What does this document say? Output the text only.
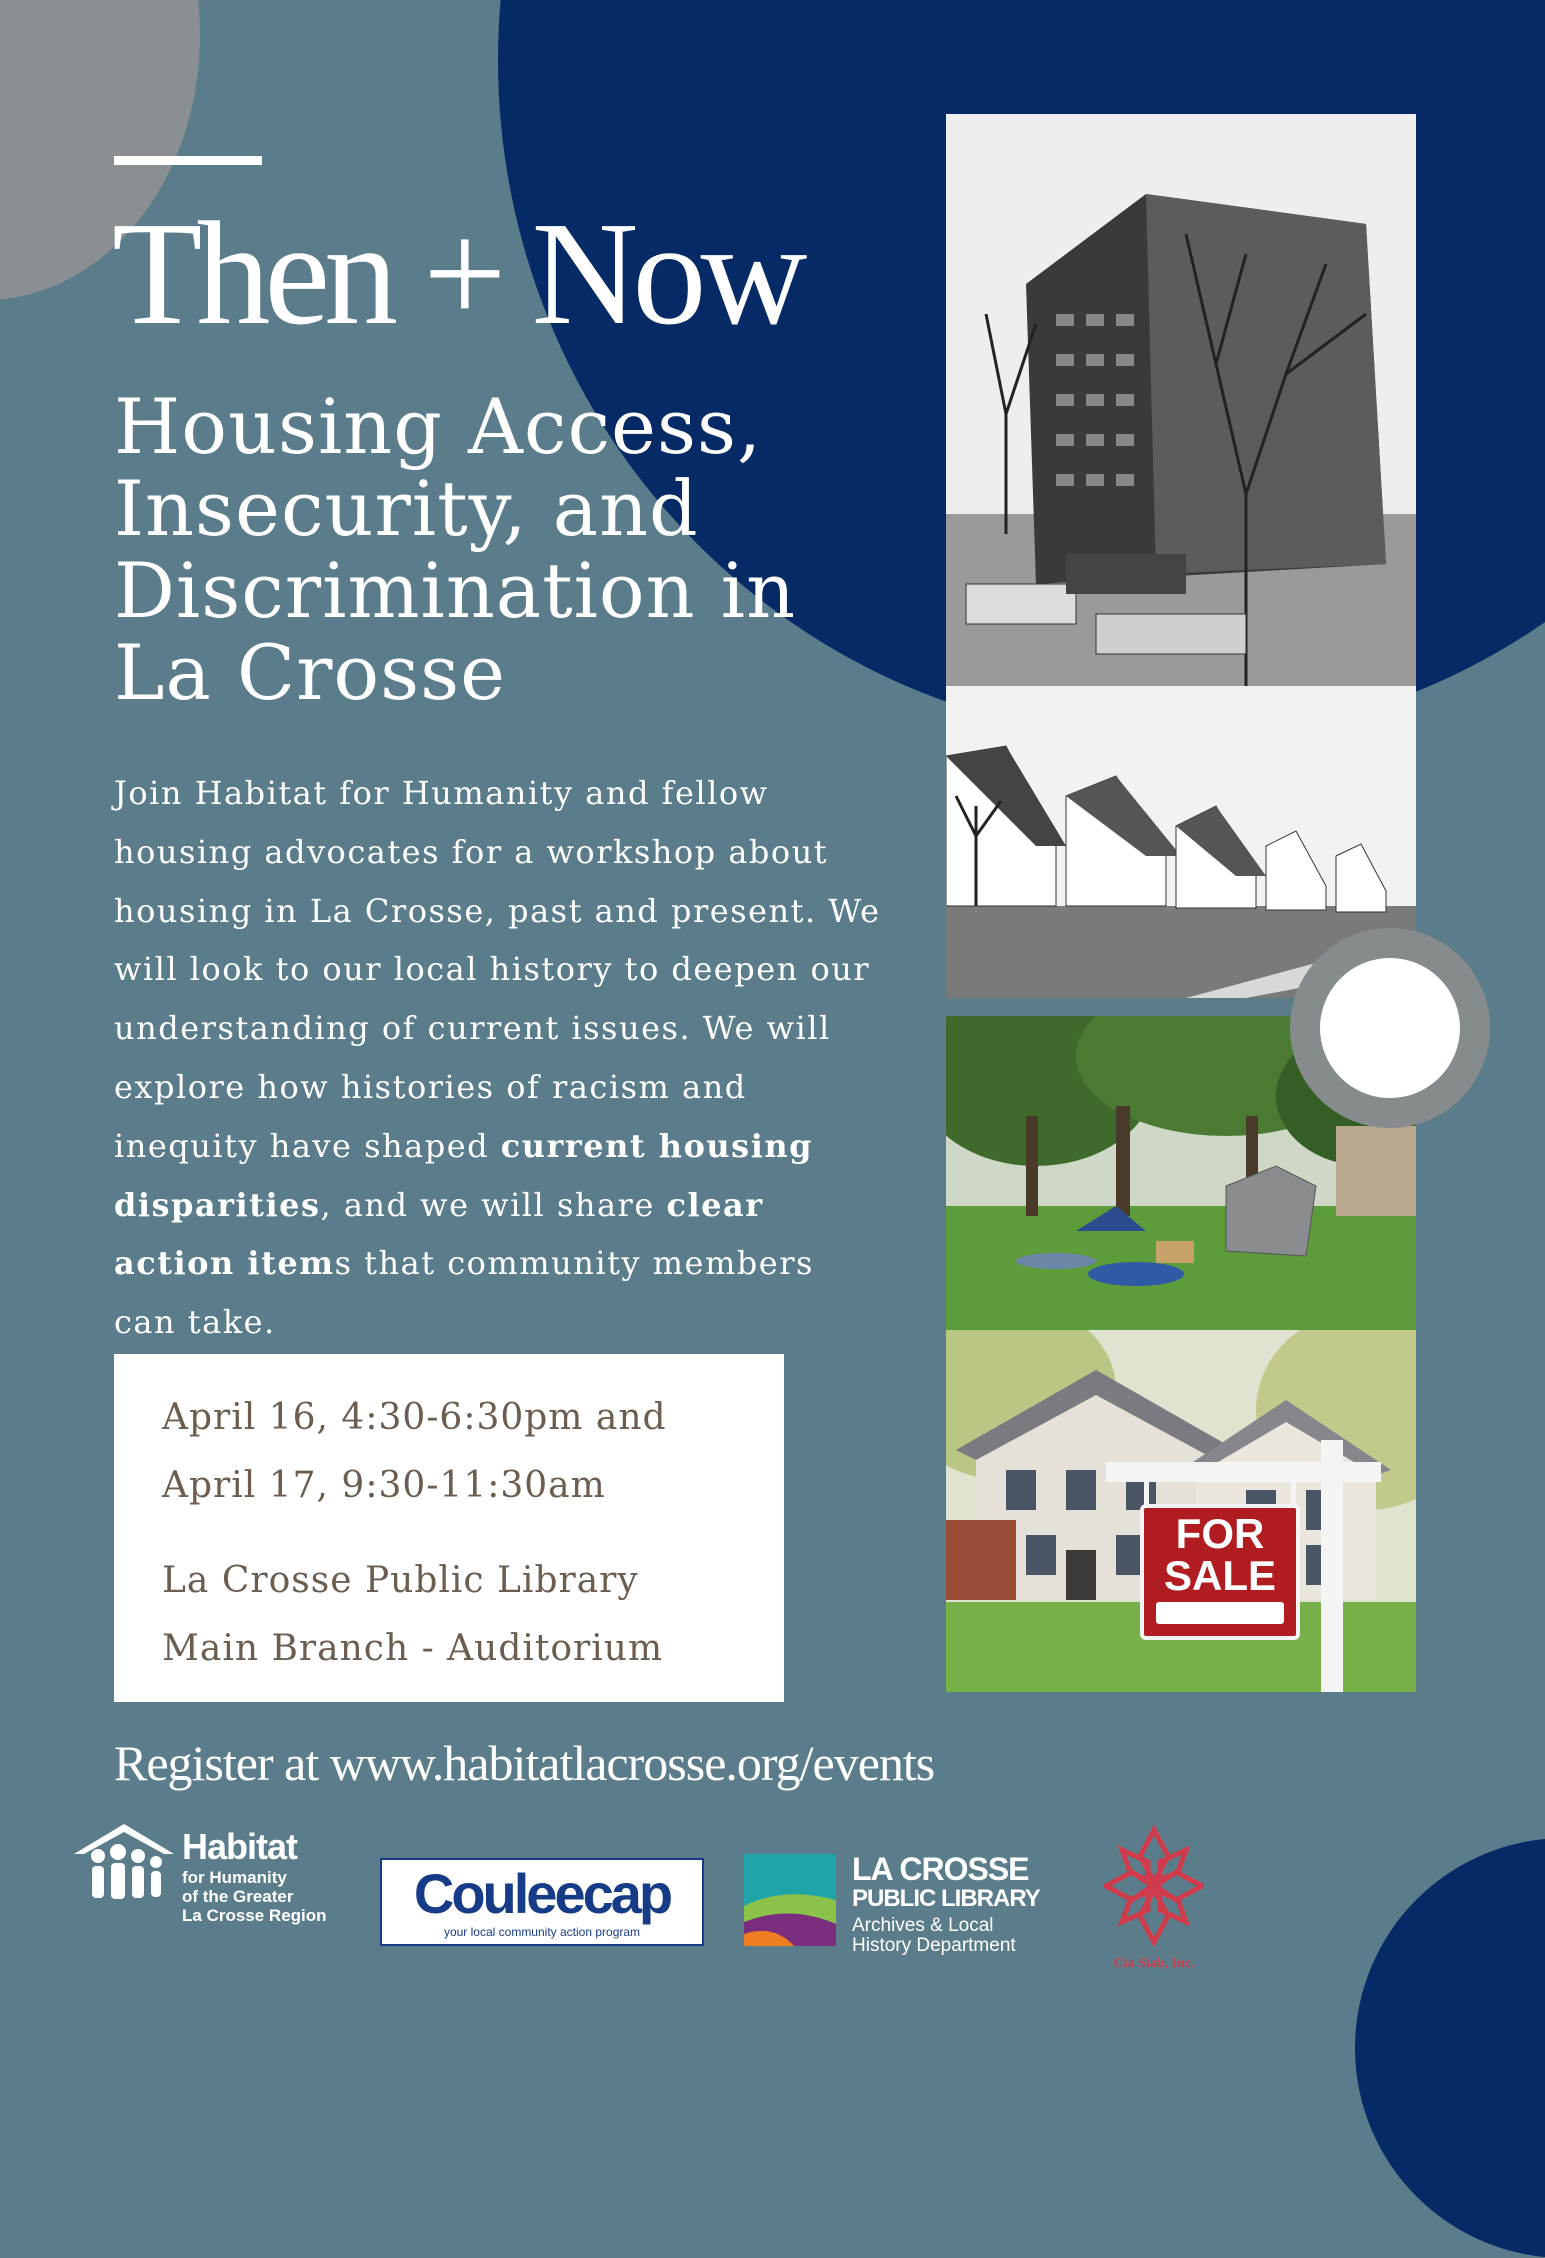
Then + Now
Housing Access, Insecurity, and Discrimination in La Crosse

Join Habitat for Humanity and fellow housing advocates for a workshop about housing in La Crosse, past and present. We will look to our local history to deepen our understanding of current issues. We will explore how histories of racism and inequity have shaped current housing disparities, and we will share clear action items that community members can take.

April 16, 4:30-6:30pm and

April 17, 9:30-11:30am

La Crosse Public Library

Main Branch - Auditorium

Register at www.habitatlacrosse.org/events

FOR
SALE
Habitat
for Humanity
of the Greater
La Crosse Region	Couleecap
your local community action program
LA CROSSE
PUBLIC LIBRARY
Archives & Local
History Department
Cia Siab, Inc.
